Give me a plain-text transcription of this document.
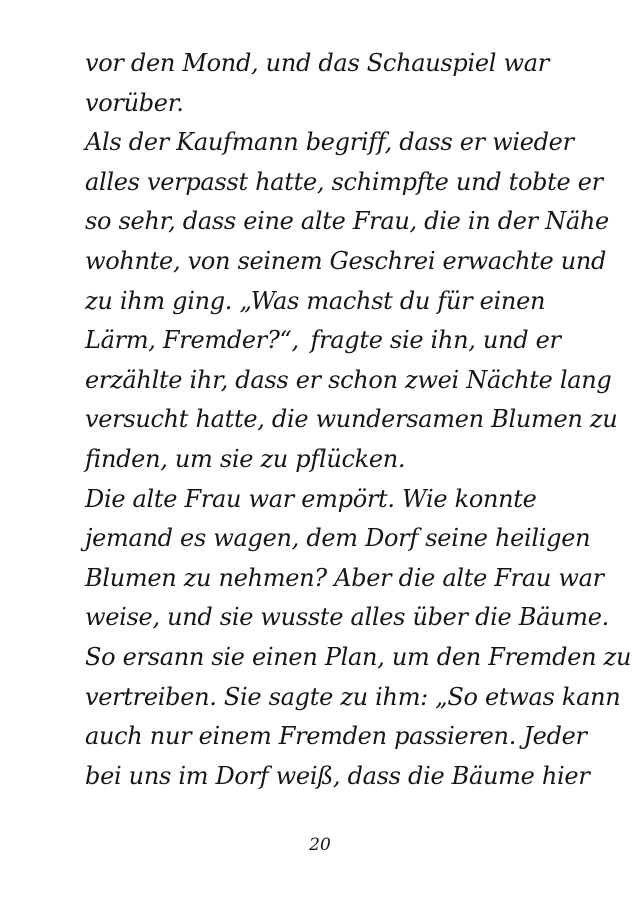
vor den Mond, und das Schauspiel war
vorüber.
Als der Kaufmann begriff, dass er wieder
alles verpasst hatte, schimpfte und tobte er
so sehr, dass eine alte Frau, die in der Nähe
wohnte, von seinem Geschrei erwachte und
zu ihm ging. „Was machst du für einen
Lärm, Fremder?“, fragte sie ihn, und er
erzählte ihr, dass er schon zwei Nächte lang
versucht hatte, die wundersamen Blumen zu
finden, um sie zu pflücken.
Die alte Frau war empört. Wie konnte
jemand es wagen, dem Dorf seine heiligen
Blumen zu nehmen? Aber die alte Frau war
weise, und sie wusste alles über die Bäume.
So ersann sie einen Plan, um den Fremden zu
vertreiben. Sie sagte zu ihm: „So etwas kann
auch nur einem Fremden passieren. Jeder
bei uns im Dorf weiß, dass die Bäume hier
20
